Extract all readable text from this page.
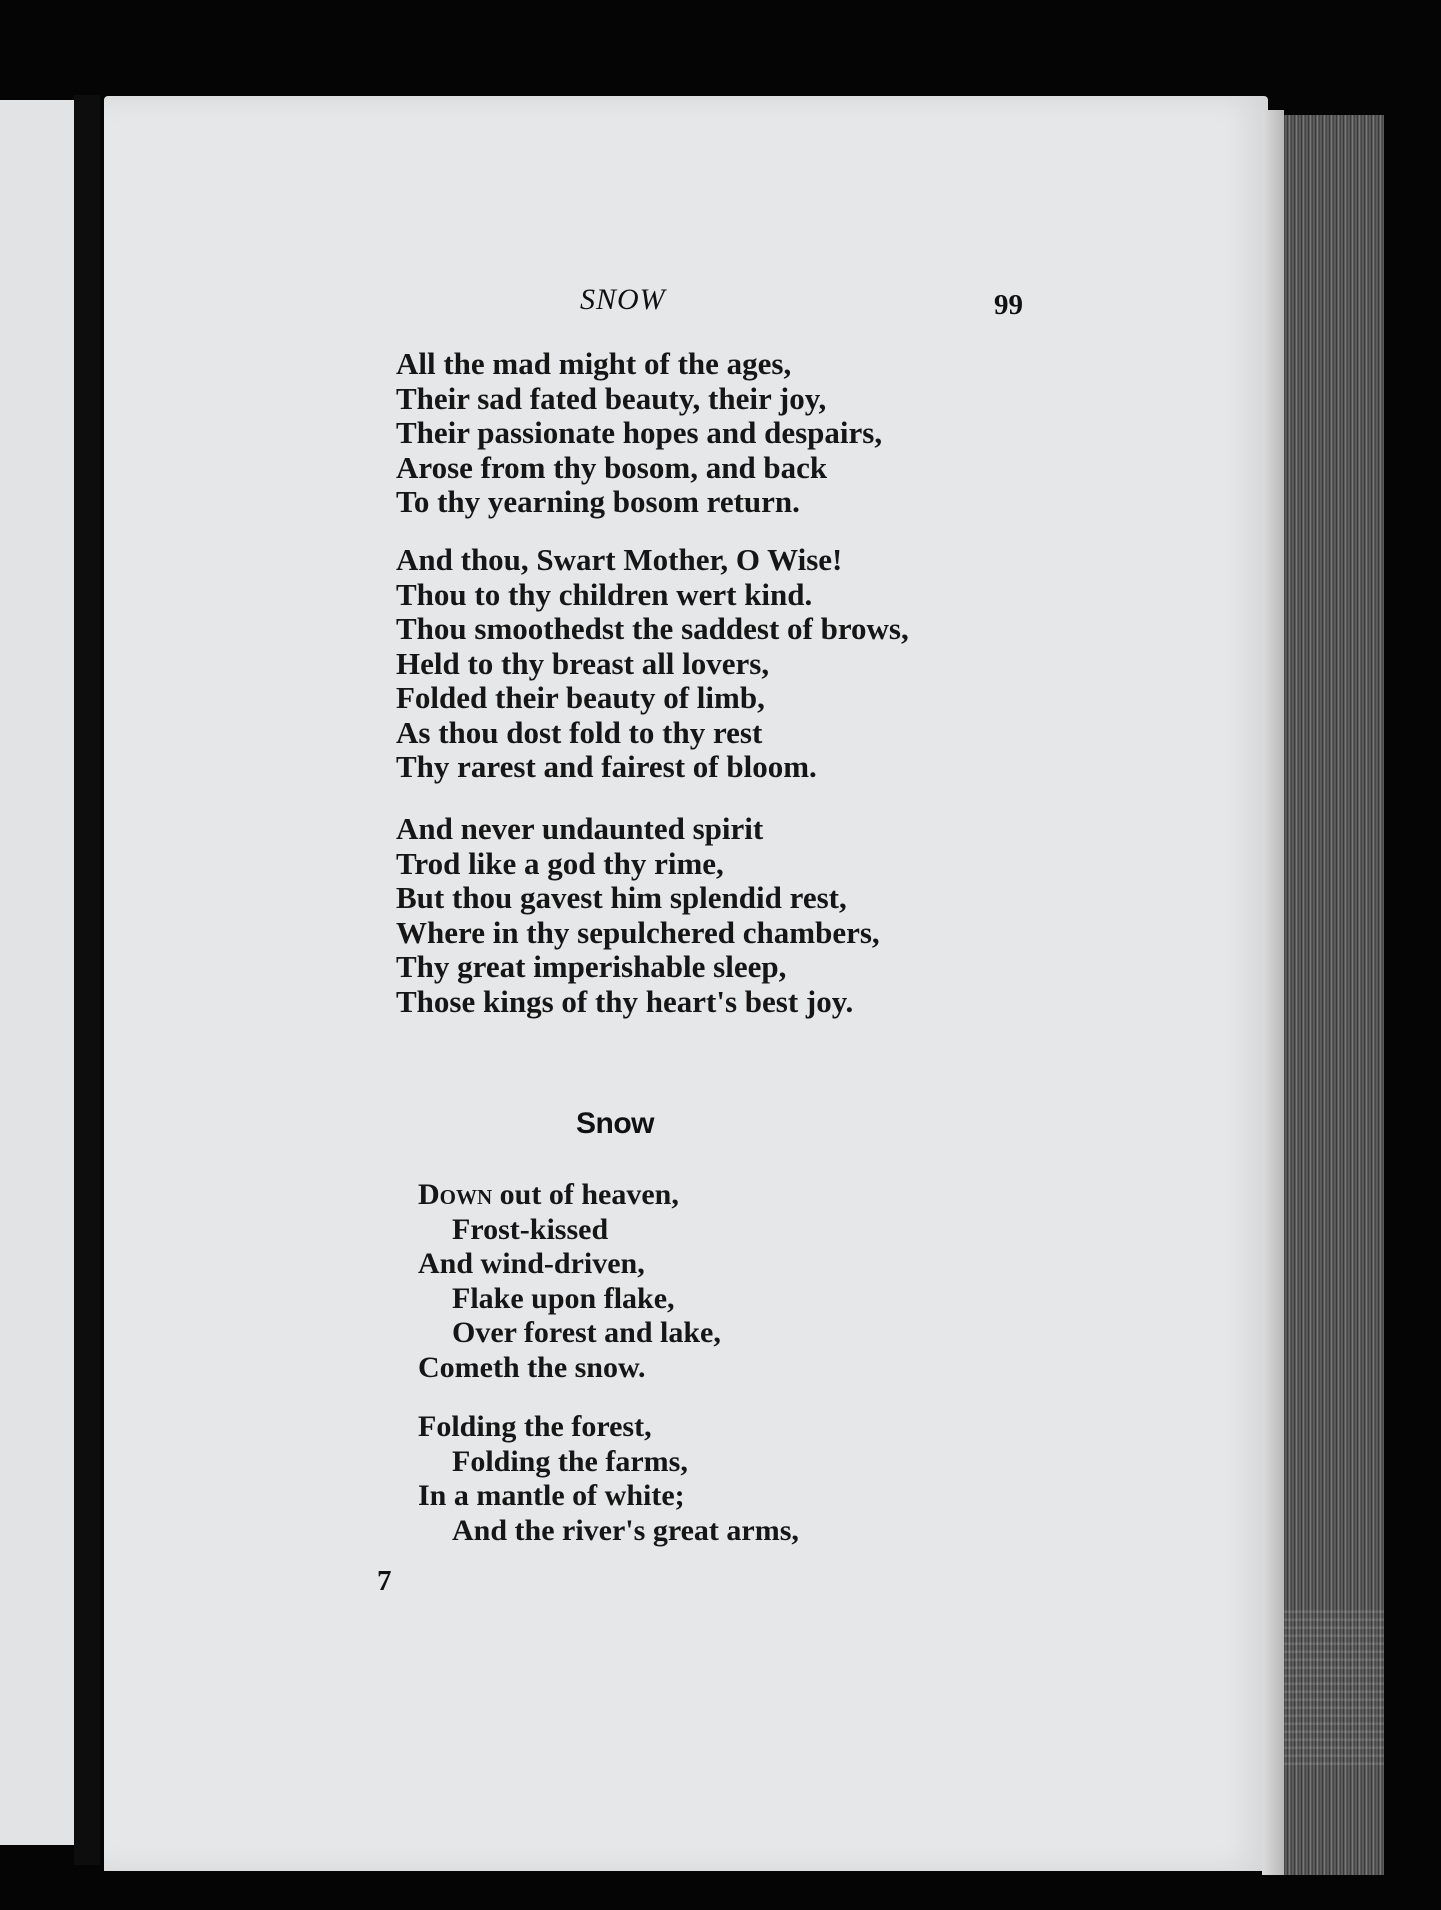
SNOW	99
All the mad might of the ages,
Their sad fated beauty, their joy,
Their passionate hopes and despairs,
Arose from thy bosom, and back
To thy yearning bosom return.
And thou, Swart Mother, O Wise!
Thou to thy children wert kind.
Thou smoothedst the saddest of brows,
Held to thy breast all lovers,
Folded their beauty of limb,
As thou dost fold to thy rest
Thy rarest and fairest of bloom.
And never undaunted spirit
Trod like a god thy rime,
But thou gavest him splendid rest,
Where in thy sepulchered chambers,
Thy great imperishable sleep,
Those kings of thy heart's best joy.
Snow
Down out of heaven,
Frost-kissed
And wind-driven,
Flake upon flake,
Over forest and lake,
Cometh the snow.
Folding the forest,
Folding the farms,
In a mantle of white;
And the river's great arms,
7
